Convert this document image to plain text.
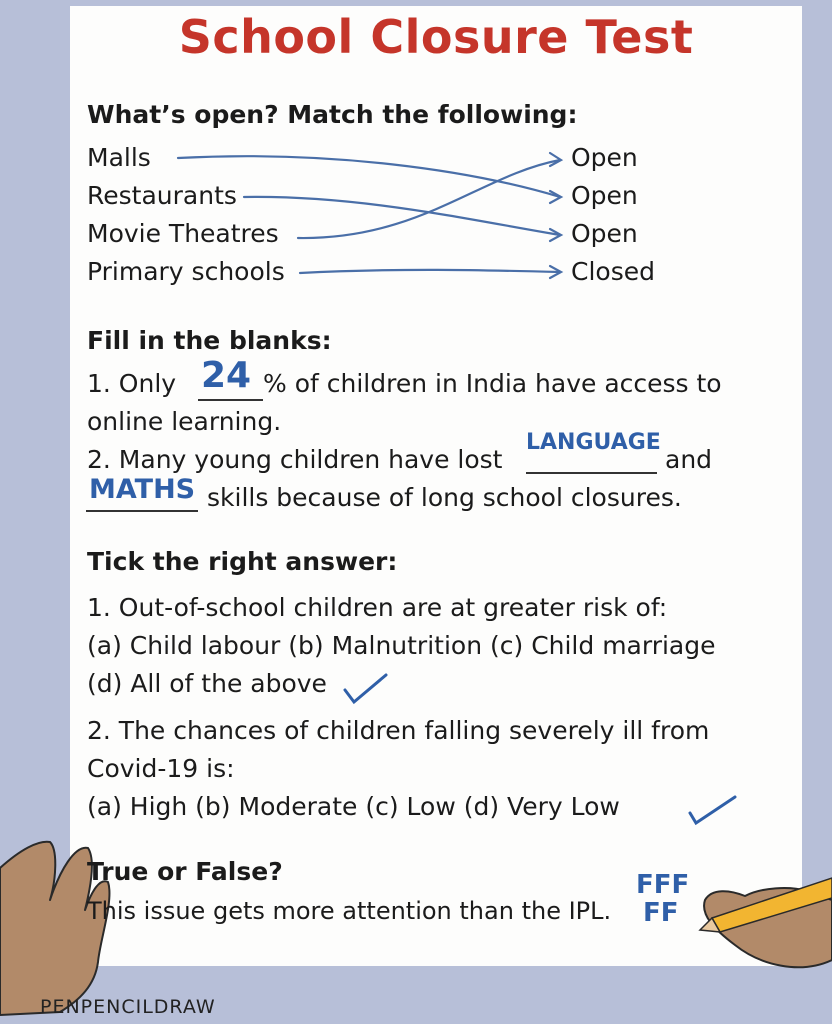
School Closure Test
What’s open? Match the following:
Malls
Restaurants
Movie Theatres
Primary schools
Open
Open
Open
Closed
Fill in the blanks:
1. Only 24 % of children in India have access to
online learning.
2. Many young children have lost
LANGUAGE
and
MATHS skills because of long school closures.
Tick the right answer:
1. Out-of-school children are at greater risk of:
(a) Child labour (b) Malnutrition (c) Child marriage
(d) All of the above
2. The chances of children falling severely ill from
Covid-19 is:
(a) High (b) Moderate (c) Low (d) Very Low
True or False?
This issue gets more attention than the IPL.
FFF
FF
PENPENCILDRAW
